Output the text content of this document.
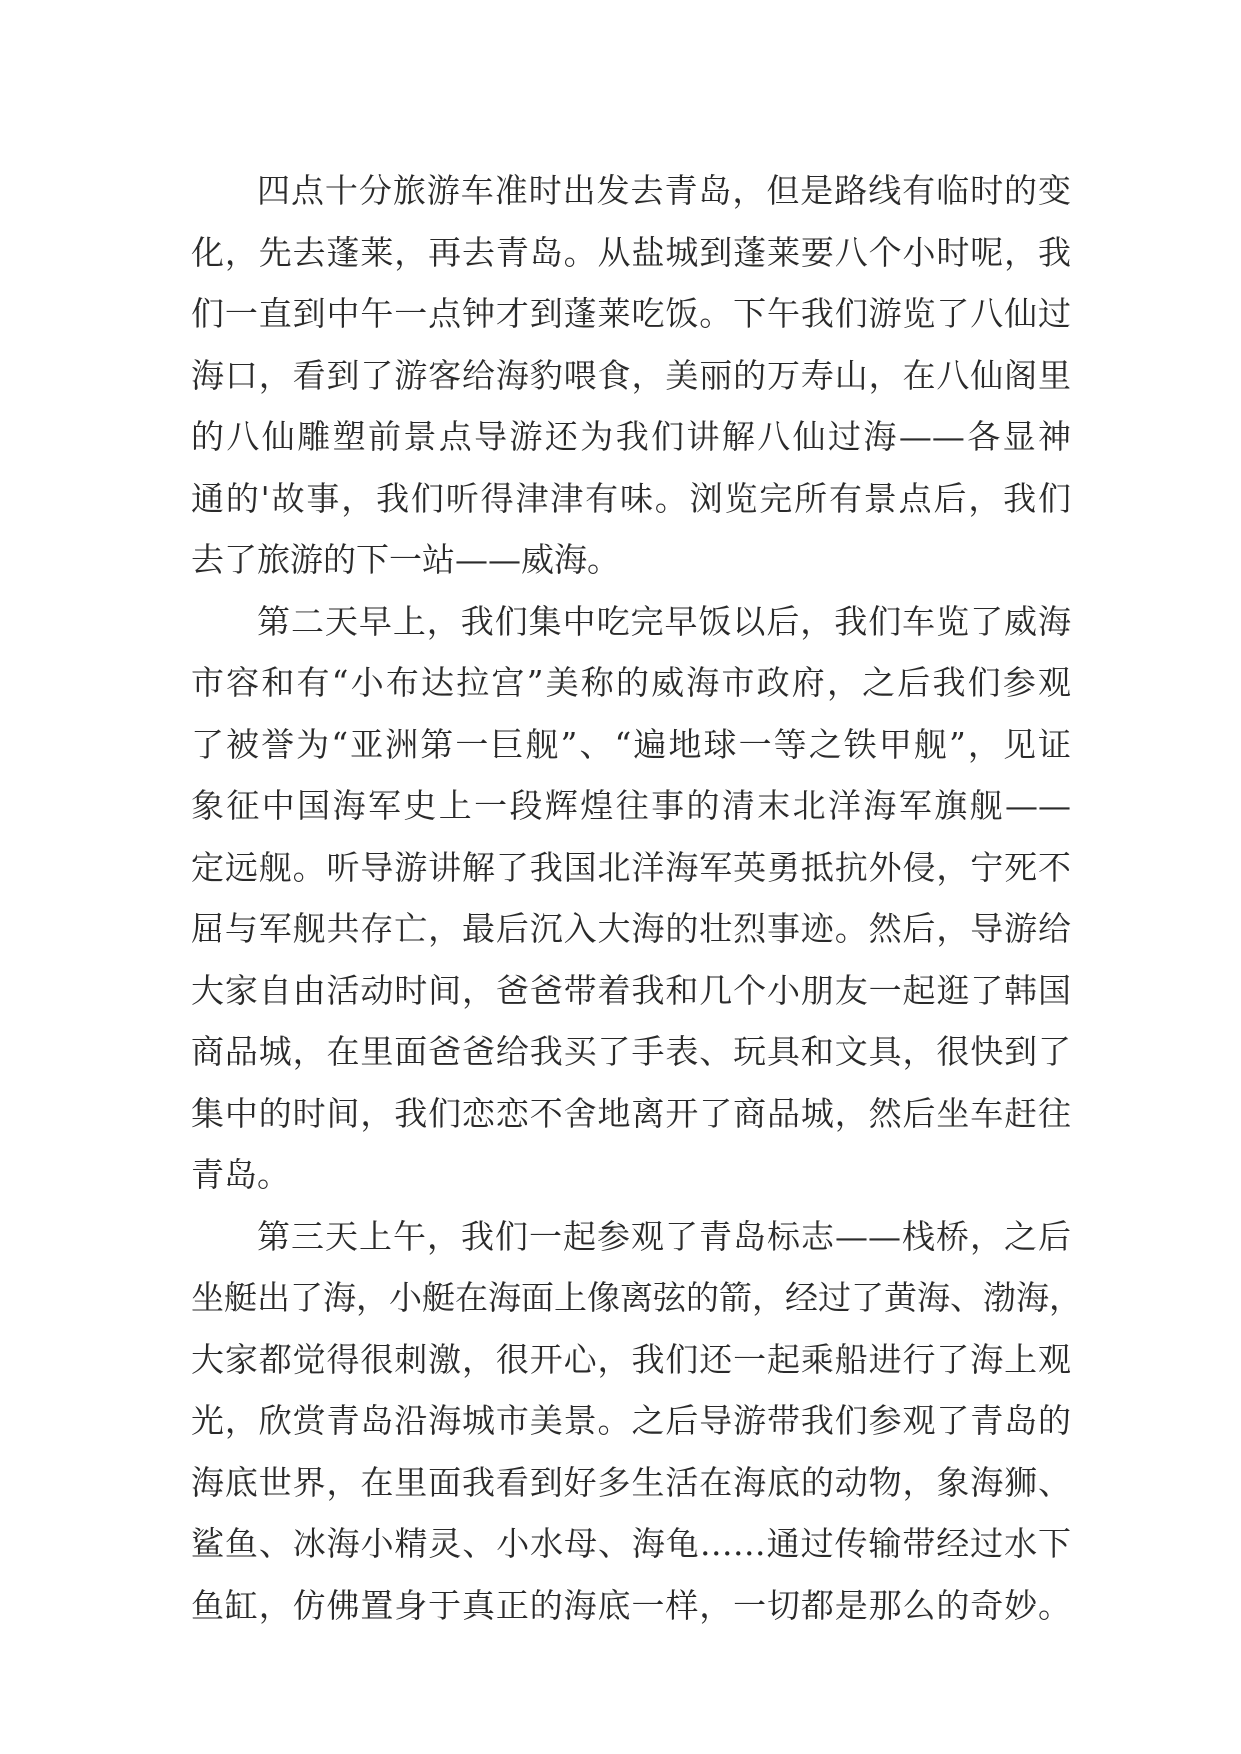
四点十分旅游车准时出发去青岛，但是路线有临时的变
化，先去蓬莱，再去青岛。从盐城到蓬莱要八个小时呢，我
们一直到中午一点钟才到蓬莱吃饭。下午我们游览了八仙过
海口，看到了游客给海豹喂食，美丽的万寿山，在八仙阁里
的八仙雕塑前景点导游还为我们讲解八仙过海——各显神
通的'故事，我们听得津津有味。浏览完所有景点后，我们
去了旅游的下一站——威海。
第二天早上，我们集中吃完早饭以后，我们车览了威海
市容和有“小布达拉宫”美称的威海市政府，之后我们参观
了被誉为“亚洲第一巨舰”、“遍地球一等之铁甲舰”，见证
象征中国海军史上一段辉煌往事的清末北洋海军旗舰——
定远舰。听导游讲解了我国北洋海军英勇抵抗外侵，宁死不
屈与军舰共存亡，最后沉入大海的壮烈事迹。然后，导游给
大家自由活动时间，爸爸带着我和几个小朋友一起逛了韩国
商品城，在里面爸爸给我买了手表、玩具和文具，很快到了
集中的时间，我们恋恋不舍地离开了商品城，然后坐车赶往
青岛。
第三天上午，我们一起参观了青岛标志——栈桥，之后
坐艇出了海，小艇在海面上像离弦的箭，经过了黄海、渤海，
大家都觉得很刺激，很开心，我们还一起乘船进行了海上观
光，欣赏青岛沿海城市美景。之后导游带我们参观了青岛的
海底世界，在里面我看到好多生活在海底的动物，象海狮、
鲨鱼、冰海小精灵、小水母、海龟……通过传输带经过水下
鱼缸，仿佛置身于真正的海底一样，一切都是那么的奇妙。
